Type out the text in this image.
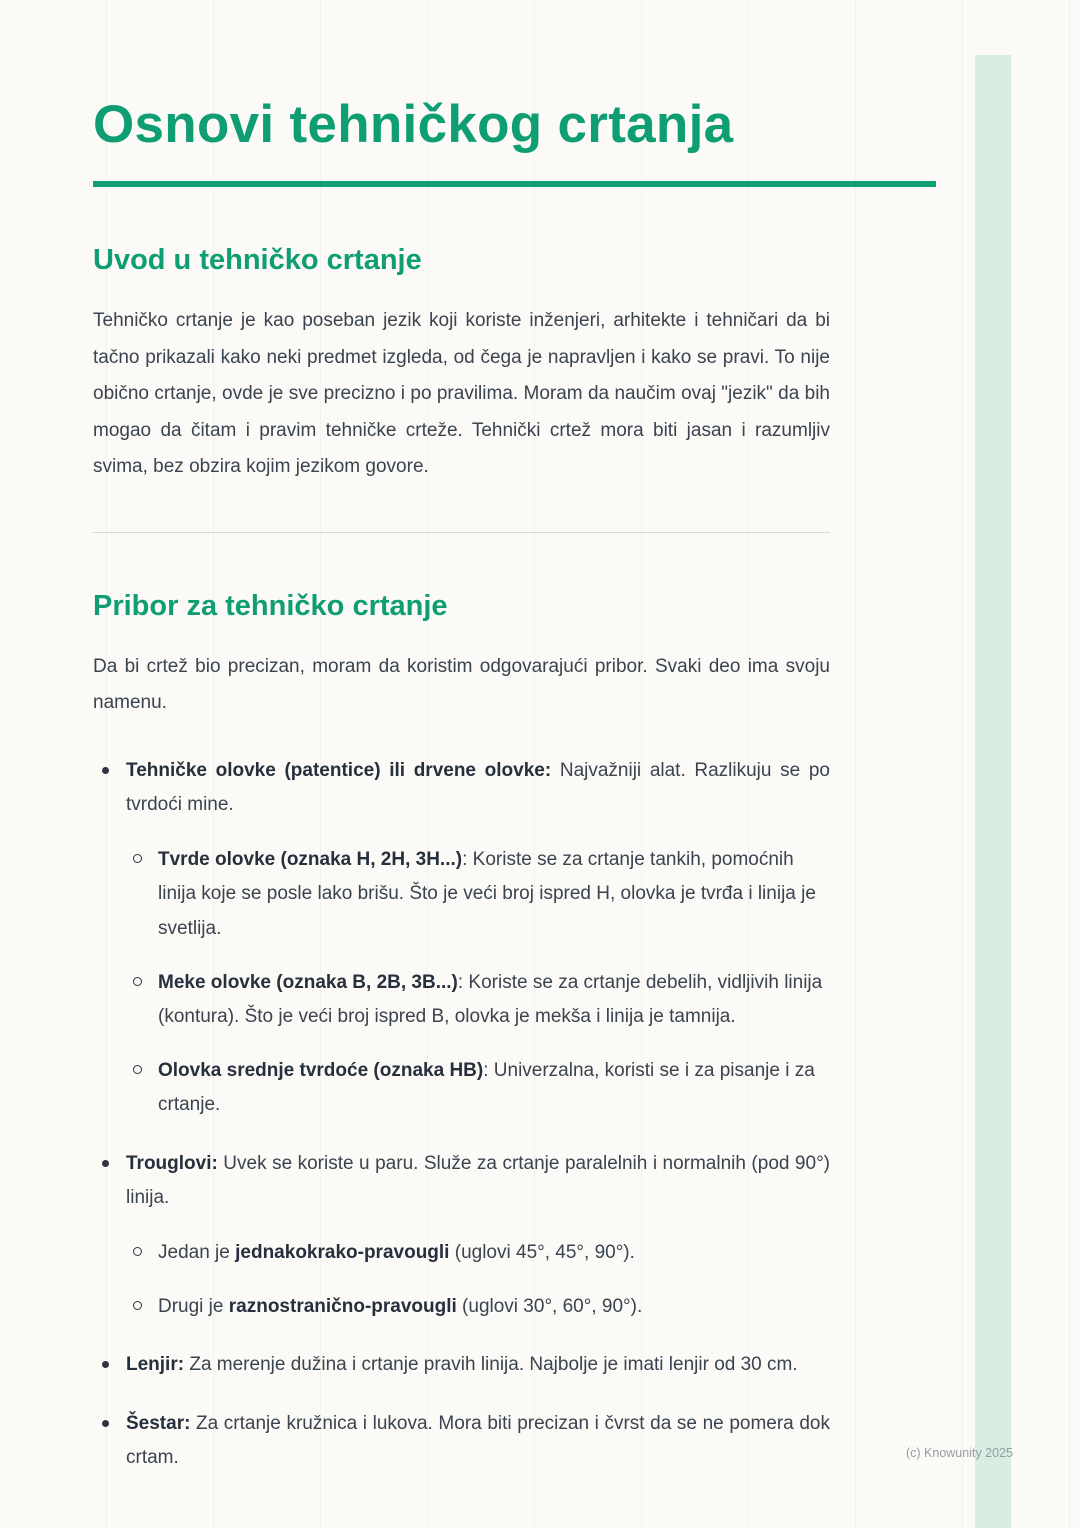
Osnovi tehničkog crtanja
Uvod u tehničko crtanje

Tehničko crtanje je kao poseban jezik koji koriste inženjeri, arhitekte i tehničari da bi tačno prikazali kako neki predmet izgleda, od čega je napravljen i kako se pravi. To nije obično crtanje, ovde je sve precizno i po pravilima. Moram da naučim ovaj "jezik" da bih mogao da čitam i pravim tehničke crteže. Tehnički crtež mora biti jasan i razumljiv svima, bez obzira kojim jezikom govore.

Pribor za tehničko crtanje

Da bi crtež bio precizan, moram da koristim odgovarajući pribor. Svaki deo ima svoju namenu.

Tehničke olovke (patentice) ili drvene olovke: Najvažniji alat. Razlikuju se po tvrdoći mine.
Tvrde olovke (oznaka H, 2H, 3H...): Koriste se za crtanje tankih, pomoćnih linija koje se posle lako brišu. Što je veći broj ispred H, olovka je tvrđa i linija je svetlija.
Meke olovke (oznaka B, 2B, 3B...): Koriste se za crtanje debelih, vidljivih linija (kontura). Što je veći broj ispred B, olovka je mekša i linija je tamnija.
Olovka srednje tvrdoće (oznaka HB): Univerzalna, koristi se i za pisanje i za crtanje.
Trouglovi: Uvek se koriste u paru. Služe za crtanje paralelnih i normalnih (pod 90°) linija.
Jedan je jednakokrako-pravougli (uglovi 45°, 45°, 90°).
Drugi je raznostranično-pravougli (uglovi 30°, 60°, 90°).
Lenjir: Za merenje dužina i crtanje pravih linija. Najbolje je imati lenjir od 30 cm.
Šestar: Za crtanje kružnica i lukova. Mora biti precizan i čvrst da se ne pomera dok crtam.	(c) Knowunity 2025
